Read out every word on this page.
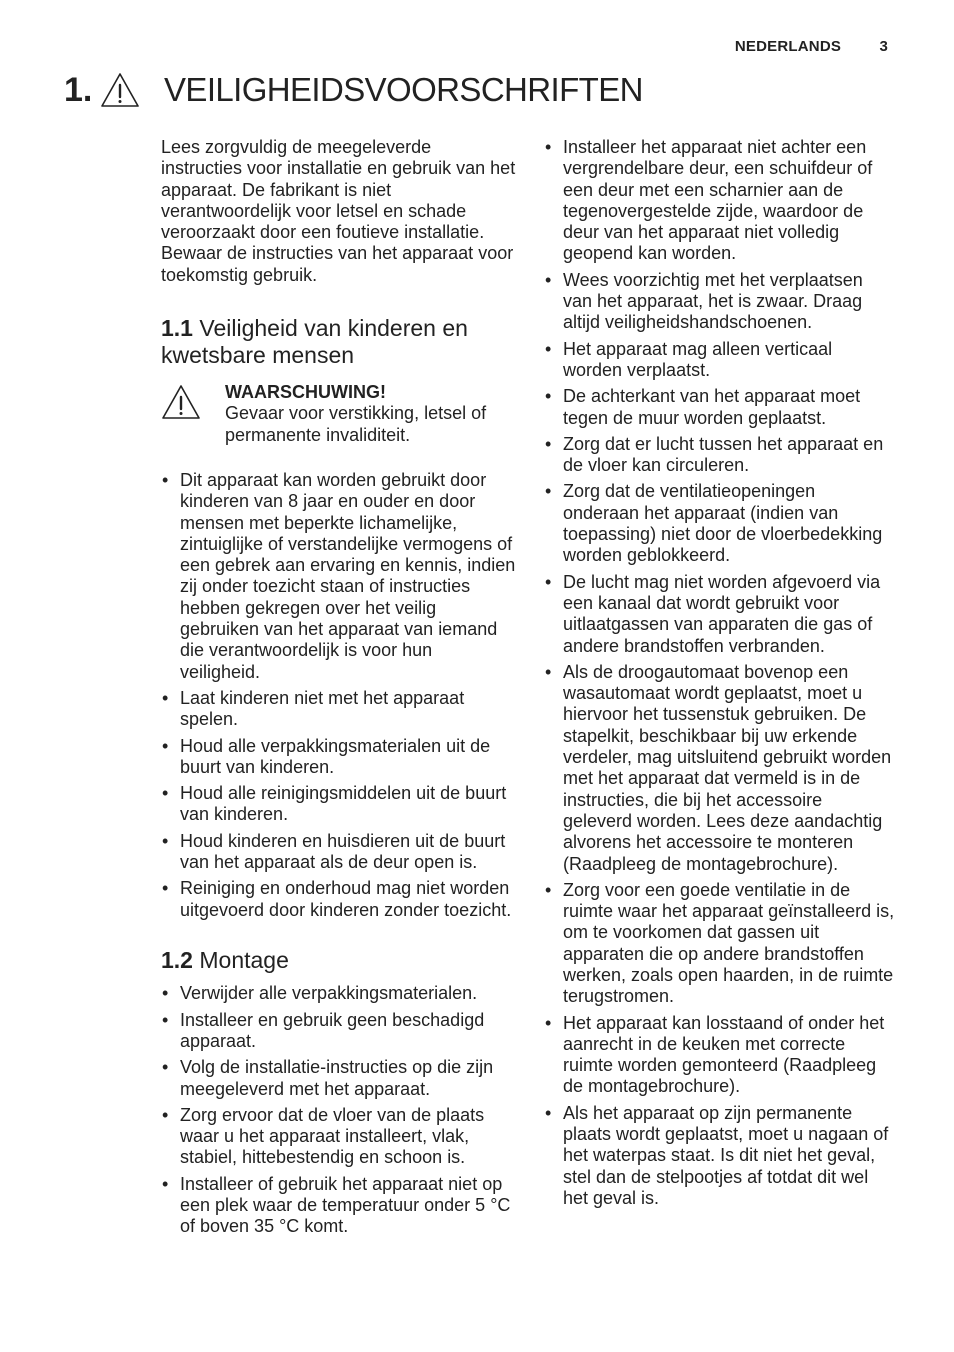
NEDERLANDS	3
1. VEILIGHEIDSVOORSCHRIFTEN

Lees zorgvuldig de meegeleverde instructies voor installatie en gebruik van het apparaat. De fabrikant is niet verantwoordelijk voor letsel en schade veroorzaakt door een foutieve installatie. Bewaar de instructies van het apparaat voor toekomstig gebruik.

1.1 Veiligheid van kinderen en kwetsbare mensen
WAARSCHUWING!
Gevaar voor verstikking, letsel of permanente invaliditeit.
• Dit apparaat kan worden gebruikt door kinderen van 8 jaar en ouder en door mensen met beperkte lichamelijke, zintuiglijke of verstandelijke vermogens of een gebrek aan ervaring en kennis, indien zij onder toezicht staan of instructies hebben gekregen over het veilig gebruiken van het apparaat van iemand die verantwoordelijk is voor hun veiligheid.
• Laat kinderen niet met het apparaat spelen.
• Houd alle verpakkingsmaterialen uit de buurt van kinderen.
• Houd alle reinigingsmiddelen uit de buurt van kinderen.
• Houd kinderen en huisdieren uit de buurt van het apparaat als de deur open is.
• Reiniging en onderhoud mag niet worden uitgevoerd door kinderen zonder toezicht.
1.2 Montage
• Verwijder alle verpakkingsmaterialen.
• Installeer en gebruik geen beschadigd apparaat.
• Volg de installatie-instructies op die zijn meegeleverd met het apparaat.
• Zorg ervoor dat de vloer van de plaats waar u het apparaat installeert, vlak, stabiel, hittebestendig en schoon is.
• Installeer of gebruik het apparaat niet op een plek waar de temperatuur onder 5 °C of boven 35 °C komt.
• Installeer het apparaat niet achter een vergrendelbare deur, een schuifdeur of een deur met een scharnier aan de tegenovergestelde zijde, waardoor de deur van het apparaat niet volledig geopend kan worden.
• Wees voorzichtig met het verplaatsen van het apparaat, het is zwaar. Draag altijd veiligheidshandschoenen.
• Het apparaat mag alleen verticaal worden verplaatst.
• De achterkant van het apparaat moet tegen de muur worden geplaatst.
• Zorg dat er lucht tussen het apparaat en de vloer kan circuleren.
• Zorg dat de ventilatieopeningen onderaan het apparaat (indien van toepassing) niet door de vloerbedekking worden geblokkeerd.
• De lucht mag niet worden afgevoerd via een kanaal dat wordt gebruikt voor uitlaatgassen van apparaten die gas of andere brandstoffen verbranden.
• Als de droogautomaat bovenop een wasautomaat wordt geplaatst, moet u hiervoor het tussenstuk gebruiken. De stapelkit, beschikbaar bij uw erkende verdeler, mag uitsluitend gebruikt worden met het apparaat dat vermeld is in de instructies, die bij het accessoire geleverd worden. Lees deze aandachtig alvorens het accessoire te monteren (Raadpleeg de montagebrochure).
• Zorg voor een goede ventilatie in de ruimte waar het apparaat geïnstalleerd is, om te voorkomen dat gassen uit apparaten die op andere brandstoffen werken, zoals open haarden, in de ruimte terugstromen.
• Het apparaat kan losstaand of onder het aanrecht in de keuken met correcte ruimte worden gemonteerd (Raadpleeg de montagebrochure).
• Als het apparaat op zijn permanente plaats wordt geplaatst, moet u nagaan of het waterpas staat. Is dit niet het geval, stel dan de stelpootjes af totdat dit wel het geval is.
